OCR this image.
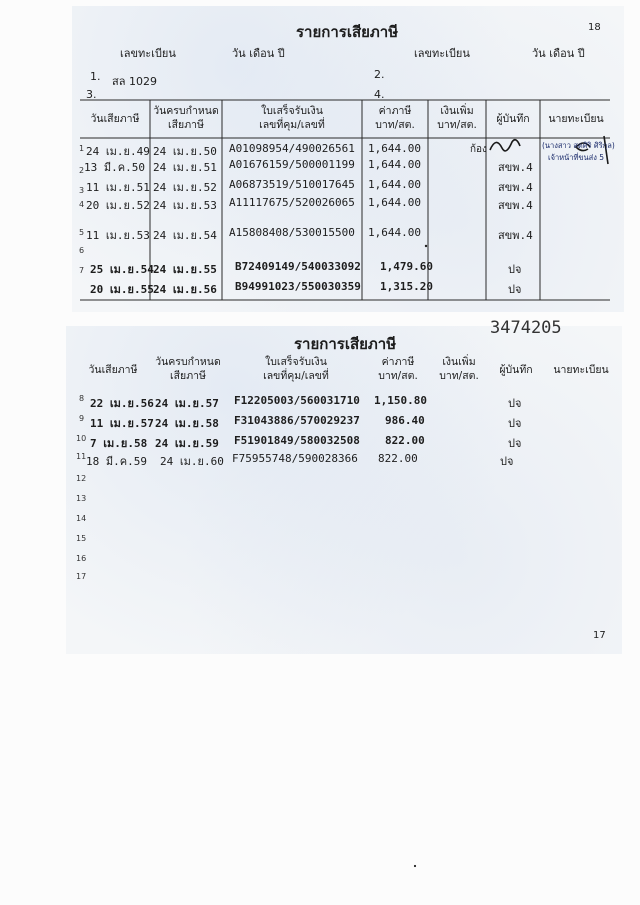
18
รายการเสียภาษี
เลขทะเบียน	วัน เดือน ปี	เลขทะเบียน	วัน เดือน ปี
1. สล 1029
2.
3.	4.
วันเสียภาษี
วันครบกำหนด
เสียภาษี
ใบเสร็จรับเงิน
เลขที่คุม/เลขที่
ค่าภาษี
บาท/สต.
เงินเพิ่ม
บาท/สต.	ผู้บันทึก	นายทะเบียน
1
2
3
4
5
6
7
24 เม.ย.49 24 เม.ย.50 A01098954/490026561 1,644.00	ก้อง
13 มี.ค.50 24 เม.ย.51 A01676159/500001199 1,644.00	สขพ.4
11 เม.ย.51 24 เม.ย.52 A06873519/510017645 1,644.00	สขพ.4
20 เม.ย.52 24 เม.ย.53 A11117675/520026065 1,644.00	สขพ.4
11 เม.ย.53 24 เม.ย.54 A15808408/530015500 1,644.00	สขพ.4
25 เม.ย.54 24 เม.ย.55 B72409149/540033092 1,479.60	ปจ
20 เม.ย.55 24 เม.ย.56 B94991023/550030359 1,315.20	ปจ
(นางสาว สดศิริ ศิริกุล)
เจ้าหน้าที่ขนส่ง 5
3474205
รายการเสียภาษี
วันเสียภาษี
วันครบกำหนด
เสียภาษี
ใบเสร็จรับเงิน
เลขที่คุม/เลขที่
ค่าภาษี
บาท/สต.
เงินเพิ่ม
บาท/สต.	ผู้บันทึก	นายทะเบียน
8
9
10
11
12
13
14
15
16
17
22 เม.ย.56 24 เม.ย.57 F12205003/560031710 1,150.80	ปจ
11 เม.ย.57 24 เม.ย.58 F31043886/570029237 986.40	ปจ
7 เม.ย.58 24 เม.ย.59 F51901849/580032508 822.00	ปจ
18 มี.ค.59 24 เม.ย.60 F75955748/590028366 822.00	ปจ
17
